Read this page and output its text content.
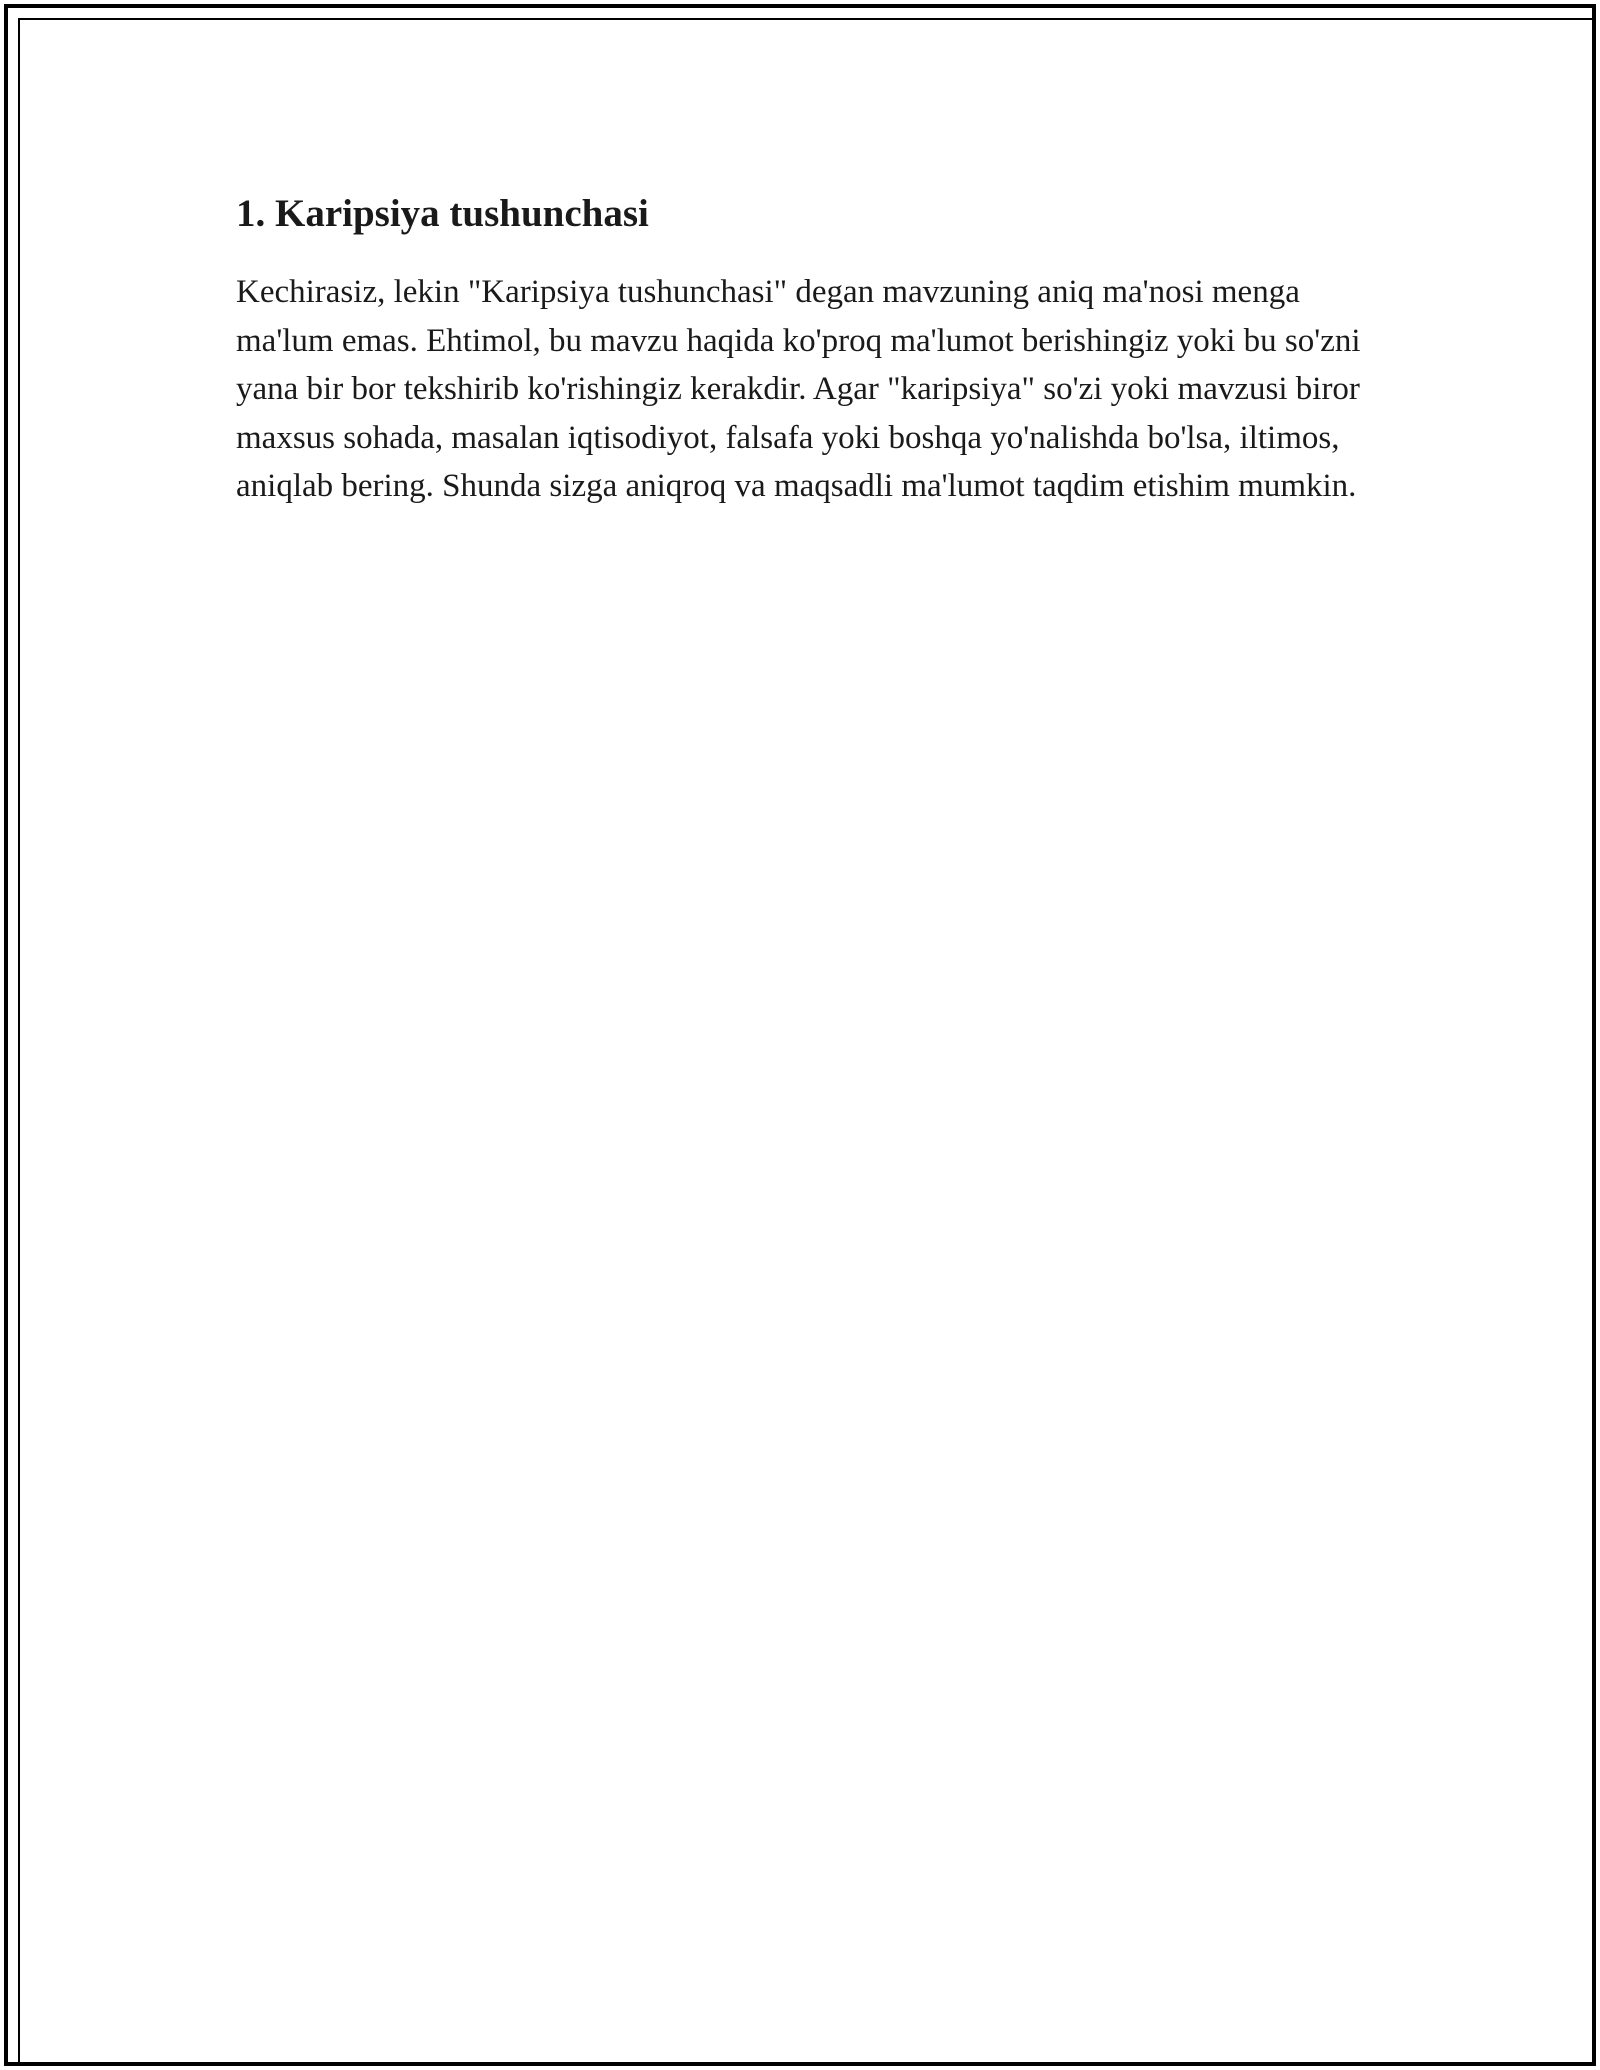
1. Karipsiya tushunchasi

Kechirasiz, lekin "Karipsiya tushunchasi" degan mavzuning aniq ma'nosi menga ma'lum emas. Ehtimol, bu mavzu haqida ko'proq ma'lumot berishingiz yoki bu so'zni yana bir bor tekshirib ko'rishingiz kerakdir. Agar "karipsiya" so'zi yoki mavzusi biror maxsus sohada, masalan iqtisodiyot, falsafa yoki boshqa yo'nalishda bo'lsa, iltimos, aniqlab bering. Shunda sizga aniqroq va maqsadli ma'lumot taqdim etishim mumkin.
